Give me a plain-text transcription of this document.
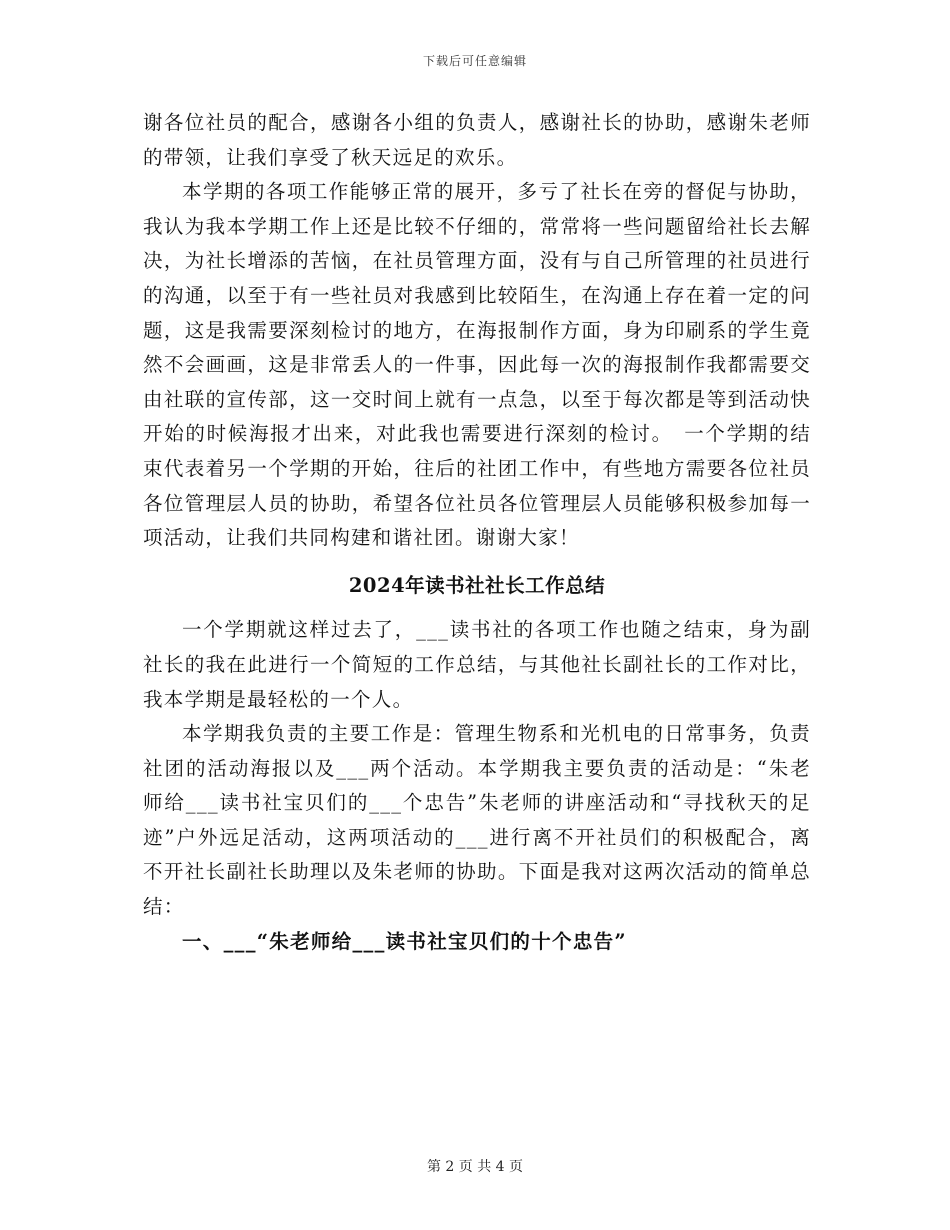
下载后可任意编辑

谢各位社员的配合，感谢各小组的负责人，感谢社长的协助，感谢朱老师的带领，让我们享受了秋天远足的欢乐。

本学期的各项工作能够正常的展开，多亏了社长在旁的督促与协助，我认为我本学期工作上还是比较不仔细的，常常将一些问题留给社长去解决，为社长增添的苦恼，在社员管理方面，没有与自己所管理的社员进行的沟通，以至于有一些社员对我感到比较陌生，在沟通上存在着一定的问题，这是我需要深刻检讨的地方，在海报制作方面，身为印刷系的学生竟然不会画画，这是非常丢人的一件事，因此每一次的海报制作我都需要交由社联的宣传部，这一交时间上就有一点急，以至于每次都是等到活动快开始的时候海报才出来，对此我也需要进行深刻的检讨。　一个学期的结束代表着另一个学期的开始，往后的社团工作中，有些地方需要各位社员各位管理层人员的协助，希望各位社员各位管理层人员能够积极参加每一项活动，让我们共同构建和谐社团。谢谢大家！

2024年读书社社长工作总结

一个学期就这样过去了，___读书社的各项工作也随之结束，身为副社长的我在此进行一个简短的工作总结，与其他社长副社长的工作对比，我本学期是最轻松的一个人。

本学期我负责的主要工作是：管理生物系和光机电的日常事务，负责社团的活动海报以及___两个活动。本学期我主要负责的活动是：“朱老师给___读书社宝贝们的___个忠告”朱老师的讲座活动和“寻找秋天的足迹”户外远足活动，这两项活动的___进行离不开社员们的积极配合，离不开社长副社长助理以及朱老师的协助。下面是我对这两次活动的简单总结：

一、___“朱老师给___读书社宝贝们的十个忠告”

第 2 页 共 4 页
